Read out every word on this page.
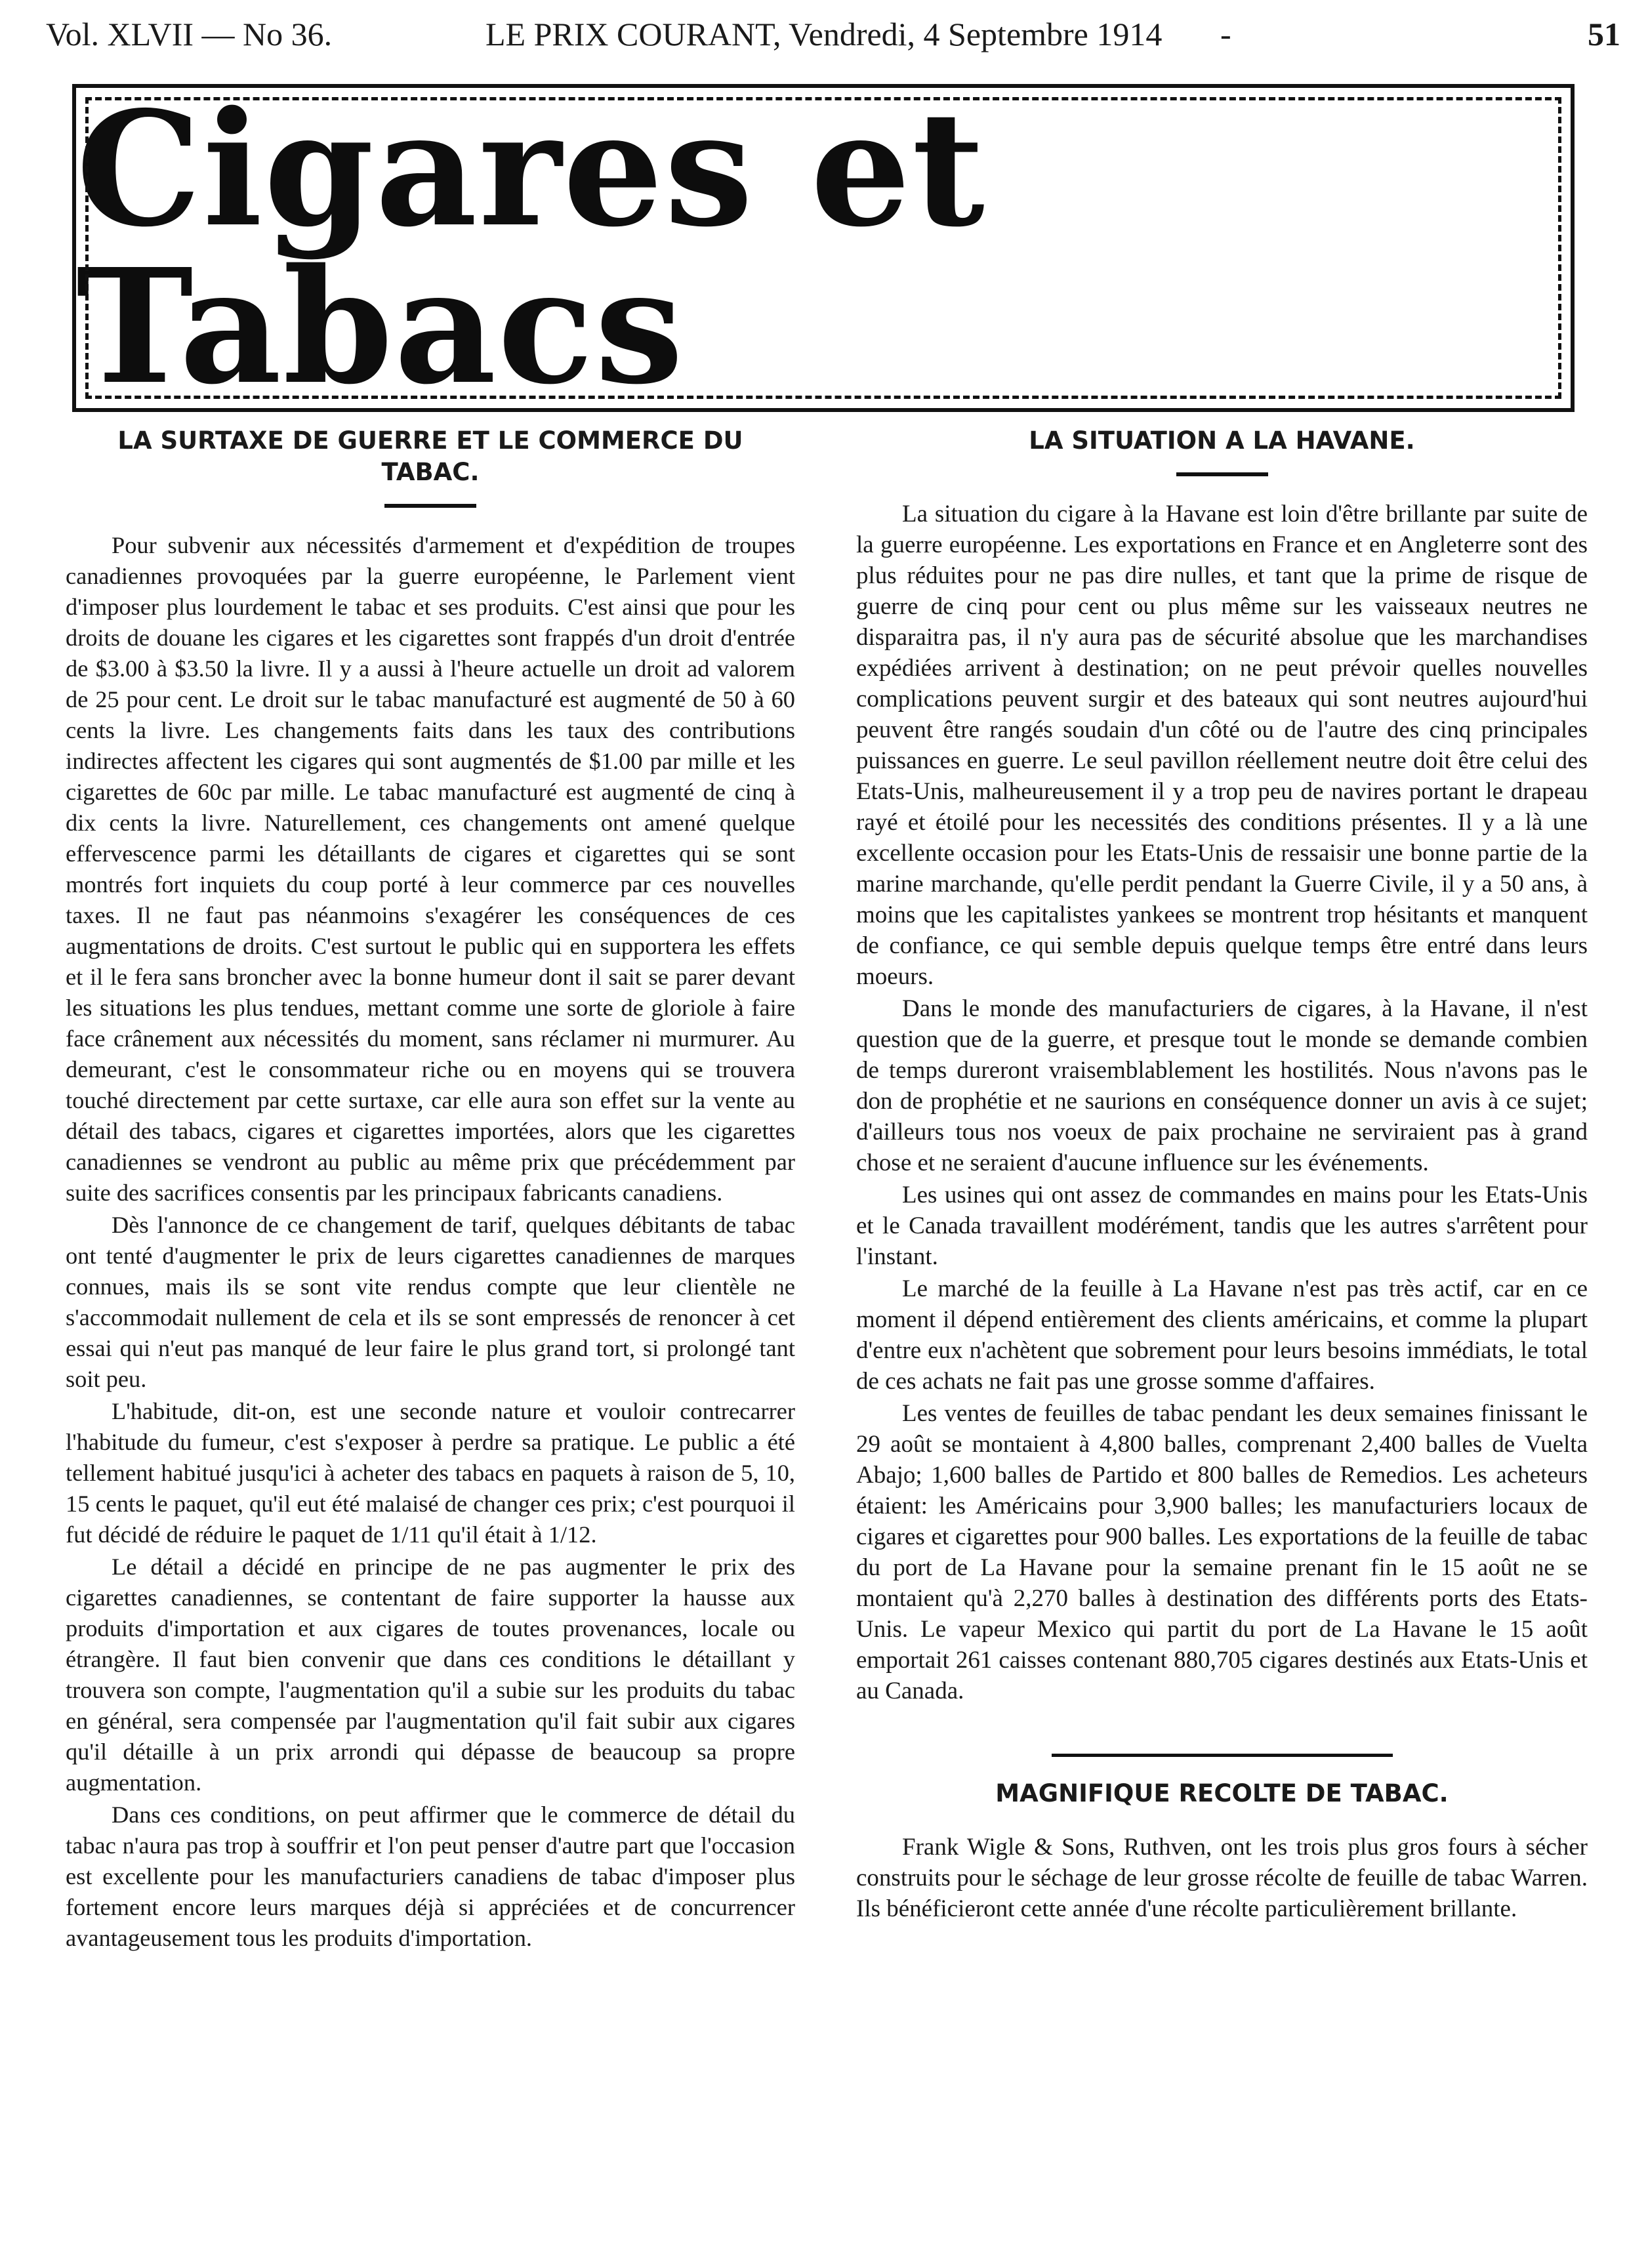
Vol. XLVII — No 36.	LE PRIX COURANT, Vendredi, 4 Septembre 1914 -	51
Cigares et Tabacs
LA SURTAXE DE GUERRE ET LE COMMERCE DU TABAC.

Pour subvenir aux nécessités d'armement et d'expédition de troupes canadiennes provoquées par la guerre européenne, le Parlement vient d'imposer plus lourdement le tabac et ses produits. C'est ainsi que pour les droits de douane les cigares et les cigarettes sont frappés d'un droit d'entrée de $3.00 à $3.50 la livre. Il y a aussi à l'heure actuelle un droit ad valorem de 25 pour cent. Le droit sur le tabac manufacturé est augmenté de 50 à 60 cents la livre. Les changements faits dans les taux des contributions indirectes affectent les cigares qui sont augmentés de $1.00 par mille et les cigarettes de 60c par mille. Le tabac manufacturé est augmenté de cinq à dix cents la livre. Naturellement, ces changements ont amené quelque effervescence parmi les détaillants de cigares et cigarettes qui se sont montrés fort inquiets du coup porté à leur commerce par ces nouvelles taxes. Il ne faut pas néanmoins s'exagérer les conséquences de ces augmentations de droits. C'est surtout le public qui en supportera les effets et il le fera sans broncher avec la bonne humeur dont il sait se parer devant les situations les plus tendues, mettant comme une sorte de gloriole à faire face crânement aux nécessités du moment, sans réclamer ni murmurer. Au demeurant, c'est le consommateur riche ou en moyens qui se trouvera touché directement par cette surtaxe, car elle aura son effet sur la vente au détail des tabacs, cigares et cigarettes importées, alors que les cigarettes canadiennes se vendront au public au même prix que précédemment par suite des sacrifices consentis par les principaux fabricants canadiens.

Dès l'annonce de ce changement de tarif, quelques débitants de tabac ont tenté d'augmenter le prix de leurs cigarettes canadiennes de marques connues, mais ils se sont vite rendus compte que leur clientèle ne s'accommodait nullement de cela et ils se sont empressés de renoncer à cet essai qui n'eut pas manqué de leur faire le plus grand tort, si prolongé tant soit peu.

L'habitude, dit-on, est une seconde nature et vouloir contrecarrer l'habitude du fumeur, c'est s'exposer à perdre sa pratique. Le public a été tellement habitué jusqu'ici à acheter des tabacs en paquets à raison de 5, 10, 15 cents le paquet, qu'il eut été malaisé de changer ces prix; c'est pourquoi il fut décidé de réduire le paquet de 1/11 qu'il était à 1/12.

Le détail a décidé en principe de ne pas augmenter le prix des cigarettes canadiennes, se contentant de faire supporter la hausse aux produits d'importation et aux cigares de toutes provenances, locale ou étrangère. Il faut bien convenir que dans ces conditions le détaillant y trouvera son compte, l'augmentation qu'il a subie sur les produits du tabac en général, sera compensée par l'augmentation qu'il fait subir aux cigares qu'il détaille à un prix arrondi qui dépasse de beaucoup sa propre augmentation.

Dans ces conditions, on peut affirmer que le commerce de détail du tabac n'aura pas trop à souffrir et l'on peut penser d'autre part que l'occasion est excellente pour les manufacturiers canadiens de tabac d'imposer plus fortement encore leurs marques déjà si appréciées et de concurrencer avantageusement tous les produits d'importation.

LA SITUATION A LA HAVANE.

La situation du cigare à la Havane est loin d'être brillante par suite de la guerre européenne. Les exportations en France et en Angleterre sont des plus réduites pour ne pas dire nulles, et tant que la prime de risque de guerre de cinq pour cent ou plus même sur les vaisseaux neutres ne disparaitra pas, il n'y aura pas de sécurité absolue que les marchandises expédiées arrivent à destination; on ne peut prévoir quelles nouvelles complications peuvent surgir et des bateaux qui sont neutres aujourd'hui peuvent être rangés soudain d'un côté ou de l'autre des cinq principales puissances en guerre. Le seul pavillon réellement neutre doit être celui des Etats-Unis, malheureusement il y a trop peu de navires portant le drapeau rayé et étoilé pour les necessités des conditions présentes. Il y a là une excellente occasion pour les Etats-Unis de ressaisir une bonne partie de la marine marchande, qu'elle perdit pendant la Guerre Civile, il y a 50 ans, à moins que les capitalistes yankees se montrent trop hésitants et manquent de confiance, ce qui semble depuis quelque temps être entré dans leurs moeurs.

Dans le monde des manufacturiers de cigares, à la Havane, il n'est question que de la guerre, et presque tout le monde se demande combien de temps dureront vraisemblablement les hostilités. Nous n'avons pas le don de prophétie et ne saurions en conséquence donner un avis à ce sujet; d'ailleurs tous nos voeux de paix prochaine ne serviraient pas à grand chose et ne seraient d'aucune influence sur les événements.

Les usines qui ont assez de commandes en mains pour les Etats-Unis et le Canada travaillent modérément, tandis que les autres s'arrêtent pour l'instant.

Le marché de la feuille à La Havane n'est pas très actif, car en ce moment il dépend entièrement des clients américains, et comme la plupart d'entre eux n'achètent que sobrement pour leurs besoins immédiats, le total de ces achats ne fait pas une grosse somme d'affaires.

Les ventes de feuilles de tabac pendant les deux semaines finissant le 29 août se montaient à 4,800 balles, comprenant 2,400 balles de Vuelta Abajo; 1,600 balles de Partido et 800 balles de Remedios. Les acheteurs étaient: les Américains pour 3,900 balles; les manufacturiers locaux de cigares et cigarettes pour 900 balles. Les exportations de la feuille de tabac du port de La Havane pour la semaine prenant fin le 15 août ne se montaient qu'à 2,270 balles à destination des différents ports des Etats-Unis. Le vapeur Mexico qui partit du port de La Havane le 15 août emportait 261 caisses contenant 880,705 cigares destinés aux Etats-Unis et au Canada.

MAGNIFIQUE RECOLTE DE TABAC.

Frank Wigle & Sons, Ruthven, ont les trois plus gros fours à sécher construits pour le séchage de leur grosse récolte de feuille de tabac Warren. Ils bénéficieront cette année d'une récolte particulièrement brillante.
